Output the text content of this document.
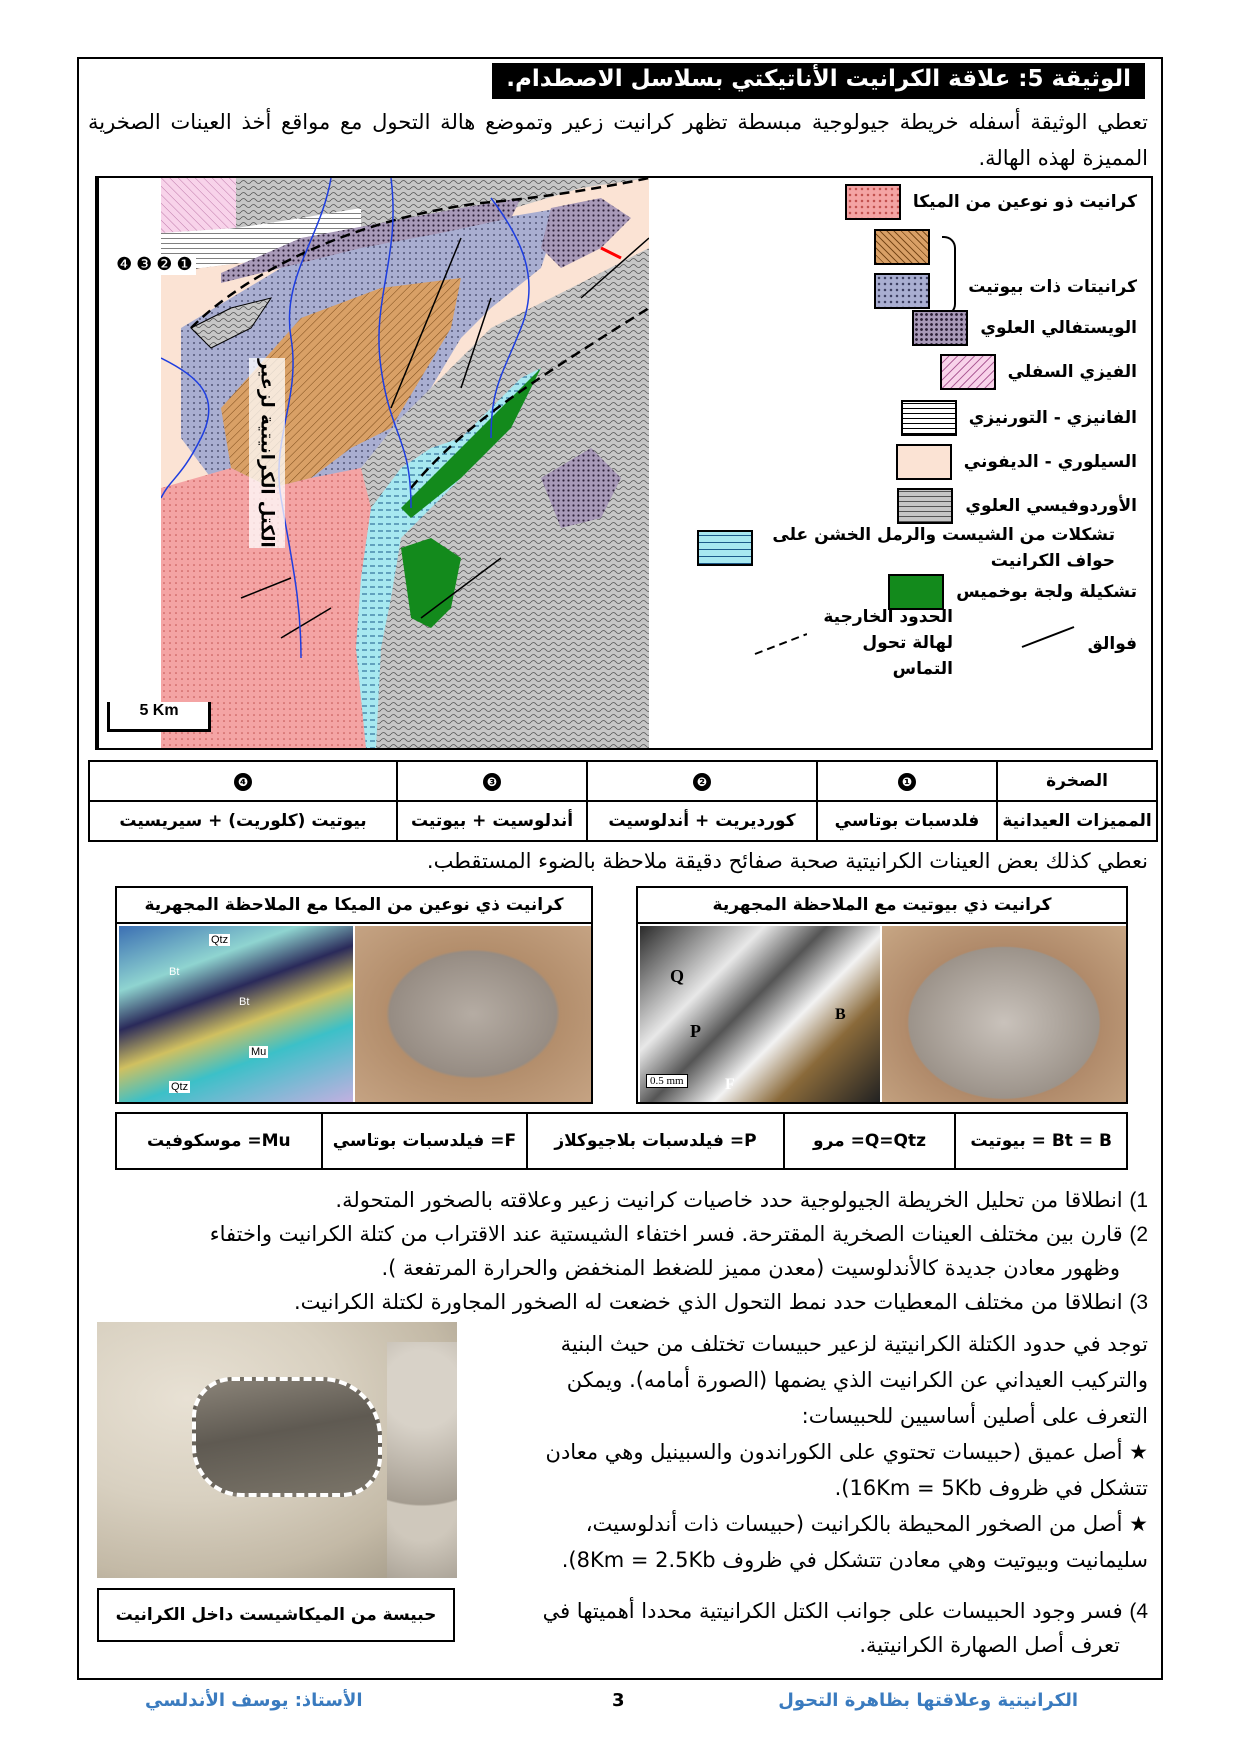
الوثيقة 5: علاقة الكرانيت الأناتيكتي بسلاسل الاصطدام.
تعطي الوثيقة أسفله خريطة جيولوجية مبسطة تظهر كرانيت زعير وتموضع هالة التحول مع مواقع أخذ العينات الصخرية المميزة لهذه الهالة.
كرانيت ذو نوعين من الميكا
كرانيتات ذات بيوتيت
الويستفالي العلوي
الفيزي السفلي
الفانيزي - التورنيزي
السيلوري - الديفوني
الأوردوفيسي العلوي
تشكلات من الشيست والرمل الخشن على حواف الكرانيت
تشكيلة ولجة بوخميس
فوالق
الحدود الخارجية لهالة تحول التماس
الكتل الكرانيتية لزعير
❹ ❸ ❷ ❶
5 Km
الصخرة	❶	❷	❸	❹
المميزات العيدانية	فلدسبات بوتاسي	كورديريت + أندلوسيت	أندلوسيت + بيوتيت	بيوتيت (كلوريت) + سيريسيت
نعطي كذلك بعض العينات الكرانيتية صحبة صفائح دقيقة ملاحظة بالضوء المستقطب.
كرانيت ذي بيوتيت مع الملاحظة المجهرية
Q
P
B
F
0.5 mm
كرانيت ذي نوعين من الميكا مع الملاحظة المجهرية
Qtz
Bt
Bt
Mu
Qtz
Bt = B = بيوتيت
Q=Qtz= مرو
P= فيلدسبات بلاجيوكلاز
F= فيلدسبات بوتاسي
Mu= موسكوفيت
1) انطلاقا من تحليل الخريطة الجيولوجية حدد خاصيات كرانيت زعير وعلاقته بالصخور المتحولة.
2) قارن بين مختلف العينات الصخرية المقترحة. فسر اختفاء الشيستية عند الاقتراب من كتلة الكرانيت واختفاء
وظهور معادن جديدة كالأندلوسيت (معدن مميز للضغط المنخفض والحرارة المرتفعة ).
3) انطلاقا من مختلف المعطيات حدد نمط التحول الذي خضعت له الصخور المجاورة لكتلة الكرانيت.
حبيسة من الميكاشيست داخل الكرانيت
توجد في حدود الكتلة الكرانيتية لزعير حبيسات تختلف من حيث البنية
والتركيب العيداني عن الكرانيت الذي يضمها (الصورة أمامه). ويمكن
التعرف على أصلين أساسيين للحبيسات:
★ أصل عميق (حبيسات تحتوي على الكوراندون والسبينيل وهي معادن
تتشكل في ظروف 16Km = 5Kb).
★ أصل من الصخور المحيطة بالكرانيت (حبيسات ذات أندلوسيت،
سليمانيت وبيوتيت وهي معادن تتشكل في ظروف 8Km = 2.5Kb).
4) فسر وجود الحبيسات على جوانب الكتل الكرانيتية محددا أهميتها في
تعرف أصل الصهارة الكرانيتية.
الأستاذ: يوسف الأندلسي	3	الكرانيتية وعلاقتها بظاهرة التحول
